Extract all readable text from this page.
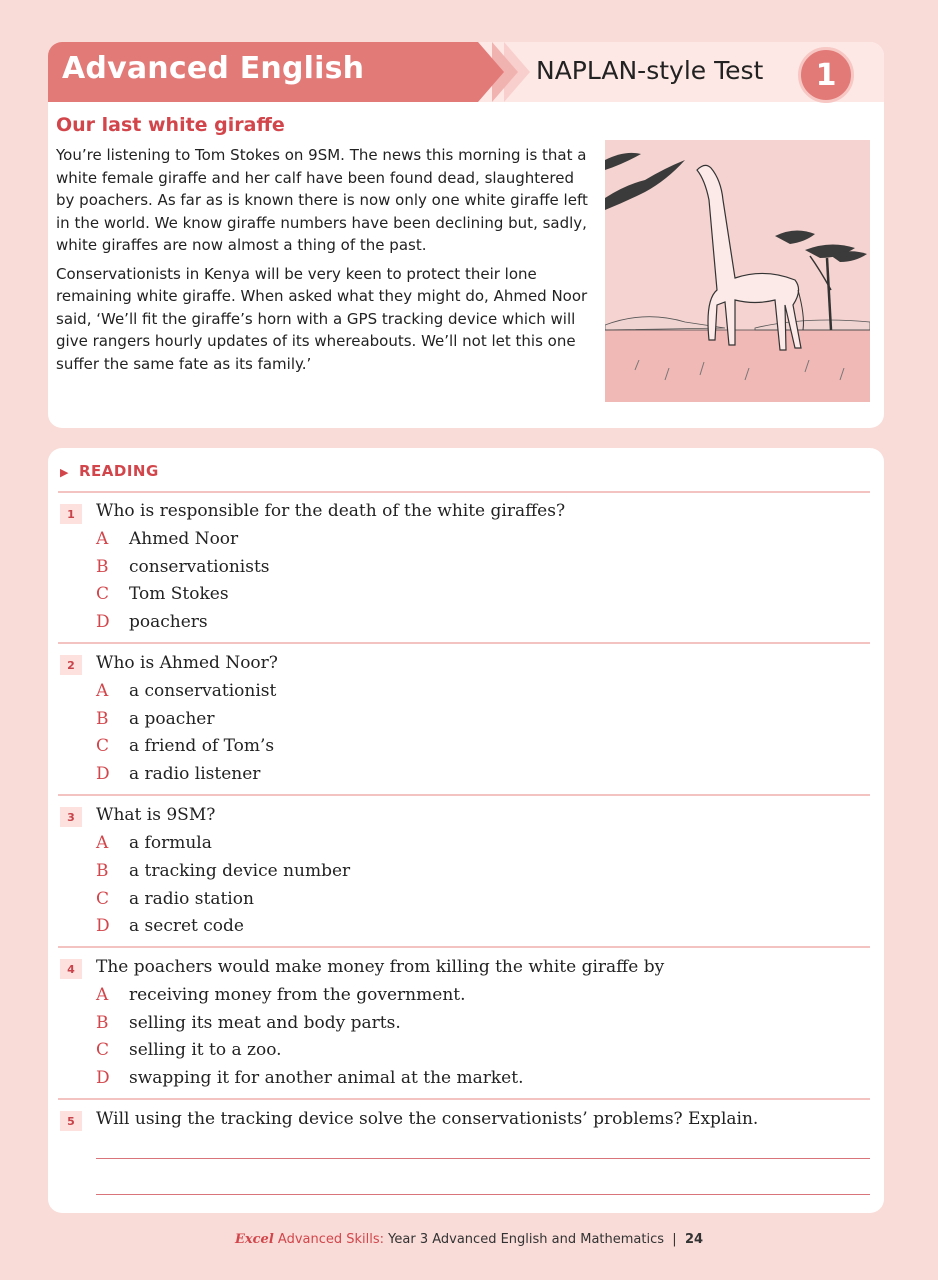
Advanced English	NAPLAN-style Test	1
Our last white giraffe

You’re listening to Tom Stokes on 9SM. The news this morning is that a white female giraffe and her calf have been found dead, slaughtered by poachers. As far as is known there is now only one white giraffe left in the world. We know giraffe numbers have been declining but, sadly, white giraffes are now almost a thing of the past.

Conservationists in Kenya will be very keen to protect their lone remaining white giraffe. When asked what they might do, Ahmed Noor said, ‘We’ll fit the giraffe’s horn with a GPS tracking device which will give rangers hourly updates of its whereabouts. We’ll not let this one suffer the same fate as its family.’

▶ READING
1	Who is responsible for the death of the white giraffes?
A Ahmed Noor
B conservationists
C Tom Stokes
D poachers
2	Who is Ahmed Noor?
A a conservationist
B a poacher
C a friend of Tom’s
D a radio listener
3	What is 9SM?
A a formula
B a tracking device number
C a radio station
D a secret code
4	The poachers would make money from killing the white giraffe by
A receiving money from the government.
B selling its meat and body parts.
C selling it to a zoo.
D swapping it for another animal at the market.
5	Will using the tracking device solve the conservationists’ problems? Explain.
Excel Advanced Skills: Year 3 Advanced English and Mathematics | 24
